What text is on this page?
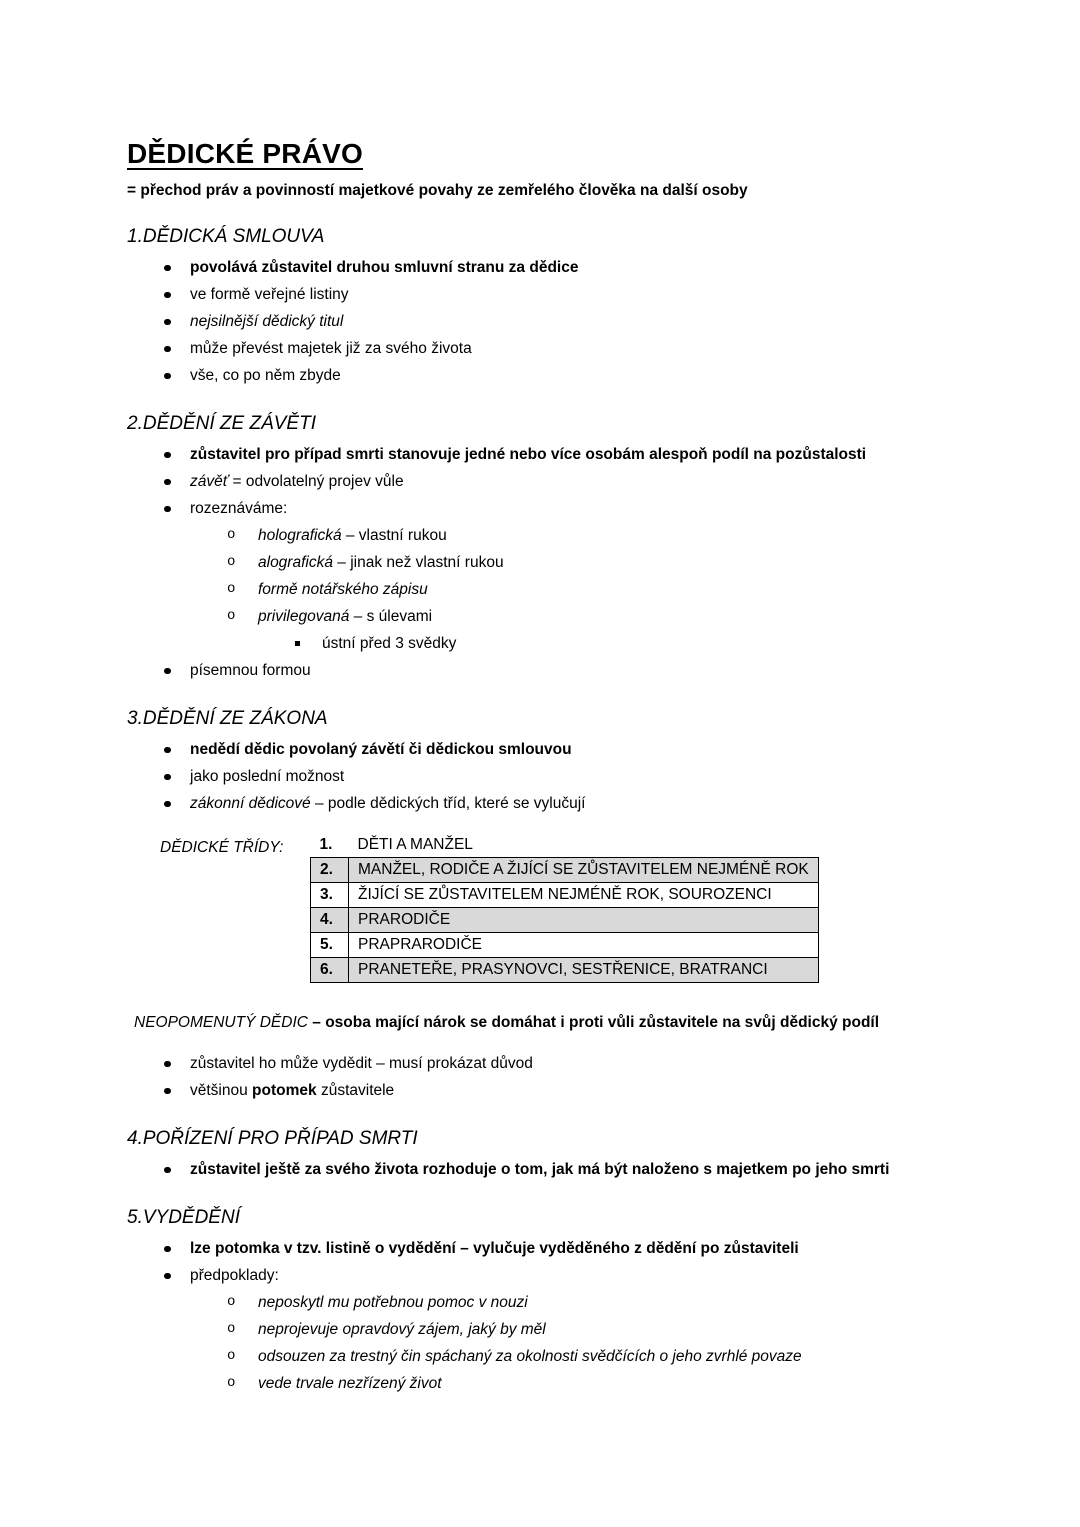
DĚDICKÉ PRÁVO

= přechod práv a povinností majetkové povahy ze zemřelého člověka na další osoby

1.DĚDICKÁ SMLOUVA
povolává zůstavitel druhou smluvní stranu za dědice
ve formě veřejné listiny
nejsilnější dědický titul
může převést majetek již za svého života
vše, co po něm zbyde
2.DĚDĚNÍ ZE ZÁVĚTI
zůstavitel pro případ smrti stanovuje jedné nebo více osobám alespoň podíl na pozůstalosti
závěť = odvolatelný projev vůle
rozeznáváme:
o holografická – vlastní rukou
o alografická – jinak než vlastní rukou
o formě notářského zápisu
o privilegovaná – s úlevami
ústní před 3 svědky
písemnou formou
3.DĚDĚNÍ ZE ZÁKONA
nedědí dědic povolaný závětí či dědickou smlouvou
jako poslední možnost
zákonní dědicové – podle dědických tříd, které se vylučují
DĚDICKÉ TŘÍDY:	1.	DĚTI A MANŽEL
2.	MANŽEL, RODIČE A ŽIJÍCÍ SE ZŮSTAVITELEM NEJMÉNĚ ROK
3.	ŽIJÍCÍ SE ZŮSTAVITELEM NEJMÉNĚ ROK, SOUROZENCI
4.	PRARODIČE
5.	PRAPRARODIČE
6.	PRANETEŘE, PRASYNOVCI, SESTŘENICE, BRATRANCI

NEOPOMENUTÝ DĚDIC – osoba mající nárok se domáhat i proti vůli zůstavitele na svůj dědický podíl

zůstavitel ho může vydědit – musí prokázat důvod
většinou potomek zůstavitele
4.POŘÍZENÍ PRO PŘÍPAD SMRTI
zůstavitel ještě za svého života rozhoduje o tom, jak má být naloženo s majetkem po jeho smrti
5.VYDĚDĚNÍ
lze potomka v tzv. listině o vydědění – vylučuje vyděděného z dědění po zůstaviteli
předpoklady:
o neposkytl mu potřebnou pomoc v nouzi
o neprojevuje opravdový zájem, jaký by měl
o odsouzen za trestný čin spáchaný za okolnosti svědčících o jeho zvrhlé povaze
o vede trvale nezřízený život
